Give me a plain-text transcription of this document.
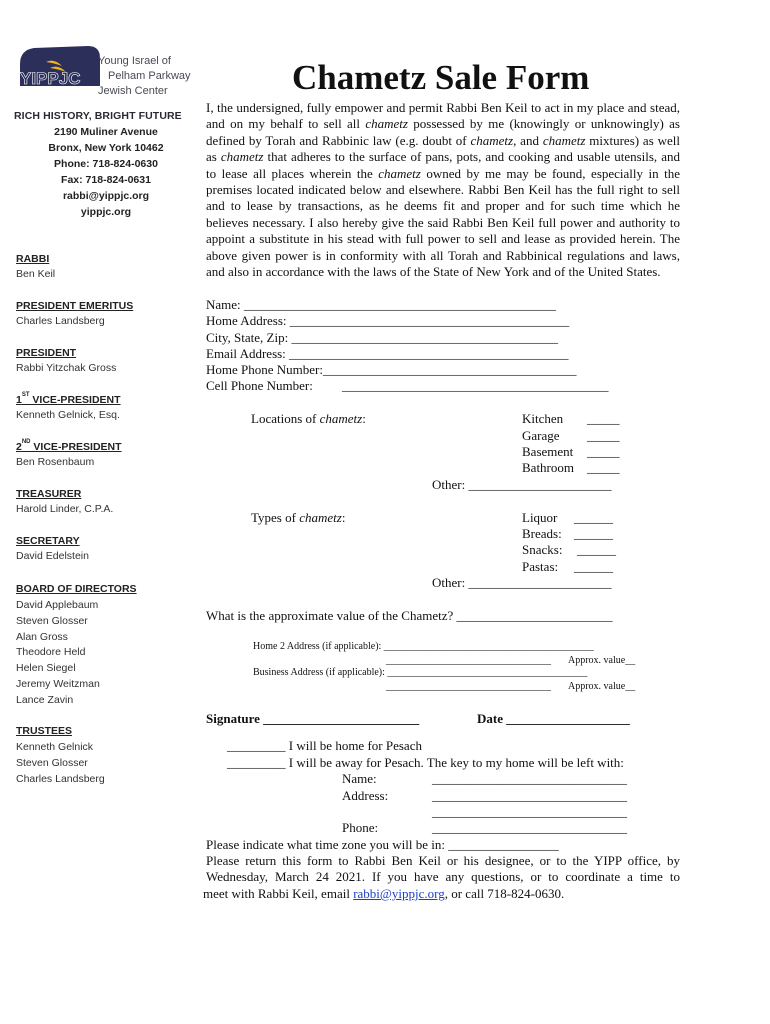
YIPPJC
Young Israel of
Pelham Parkway
Jewish Center
RICH HISTORY, BRIGHT FUTURE
2190 Muliner Avenue
Bronx, New York 10462
Phone: 718-824-0630
Fax: 718-824-0631
rabbi@yippjc.org
yippjc.org
RABBI
Ben Keil
PRESIDENT EMERITUS
Charles Landsberg
PRESIDENT
Rabbi Yitzchak Gross
1ST VICE-PRESIDENT
Kenneth Gelnick, Esq.
2ND VICE-PRESIDENT
Ben Rosenbaum
TREASURER
Harold Linder, C.P.A.
SECRETARY
David Edelstein
BOARD OF DIRECTORS
David Applebaum
Steven Glosser
Alan Gross
Theodore Held
Helen Siegel
Jeremy Weitzman
Lance Zavin
TRUSTEES
Kenneth Gelnick
Steven Glosser
Charles Landsberg
Chametz Sale Form
I, the undersigned, fully empower and permit Rabbi Ben Keil to act in my place and stead, and on my behalf to sell all chametz possessed by me (knowingly or unknowingly) as defined by Torah and Rabbinic law (e.g. doubt of chametz, and chametz mixtures) as well as chametz that adheres to the surface of pans, pots, and cooking and usable utensils, and to lease all places wherein the chametz owned by me may be found, especially in the premises located indicated below and elsewhere. Rabbi Ben Keil has the full right to sell and to lease by transactions, as he deems fit and proper and for such time which he believes necessary. I also hereby give the said Rabbi Ben Keil full power and authority to appoint a substitute in his stead with full power to sell and lease as provided herein. The above given power is in conformity with all Torah and Rabbinical regulations and laws, and also in accordance with the laws of the State of New York and of the United States.
Name: ________________________________________________
Home Address: ___________________________________________
City, State, Zip: _________________________________________
Email Address: ___________________________________________
Home Phone Number:_______________________________________
Cell Phone Number: _________________________________________
Locations of chametz:	Kitchen _____
Garage _____
Basement _____
Bathroom _____
Other: ______________________
Types of chametz:	Liquor ______
Breads: ______
Snacks: ______
Pastas: ______
Other: ______________________
What is the approximate value of the Chametz? ________________________
Home 2 Address (if applicable): __________________________________________
_________________________________ Approx. value__
Business Address (if applicable): ________________________________________
_________________________________ Approx. value__
Signature ________________________	Date ___________________
_________ I will be home for Pesach
_________ I will be away for Pesach. The key to my home will be left with:
Name:	______________________________
Address:	______________________________
______________________________
Phone:	______________________________
Please indicate what time zone you will be in: _________________
Please return this form to Rabbi Ben Keil or his designee, or to the YIPP office, by Wednesday, March 24 2021. If you have any questions, or to coordinate a time to
meet with Rabbi Keil, email rabbi@yippjc.org, or call 718-824-0630.
